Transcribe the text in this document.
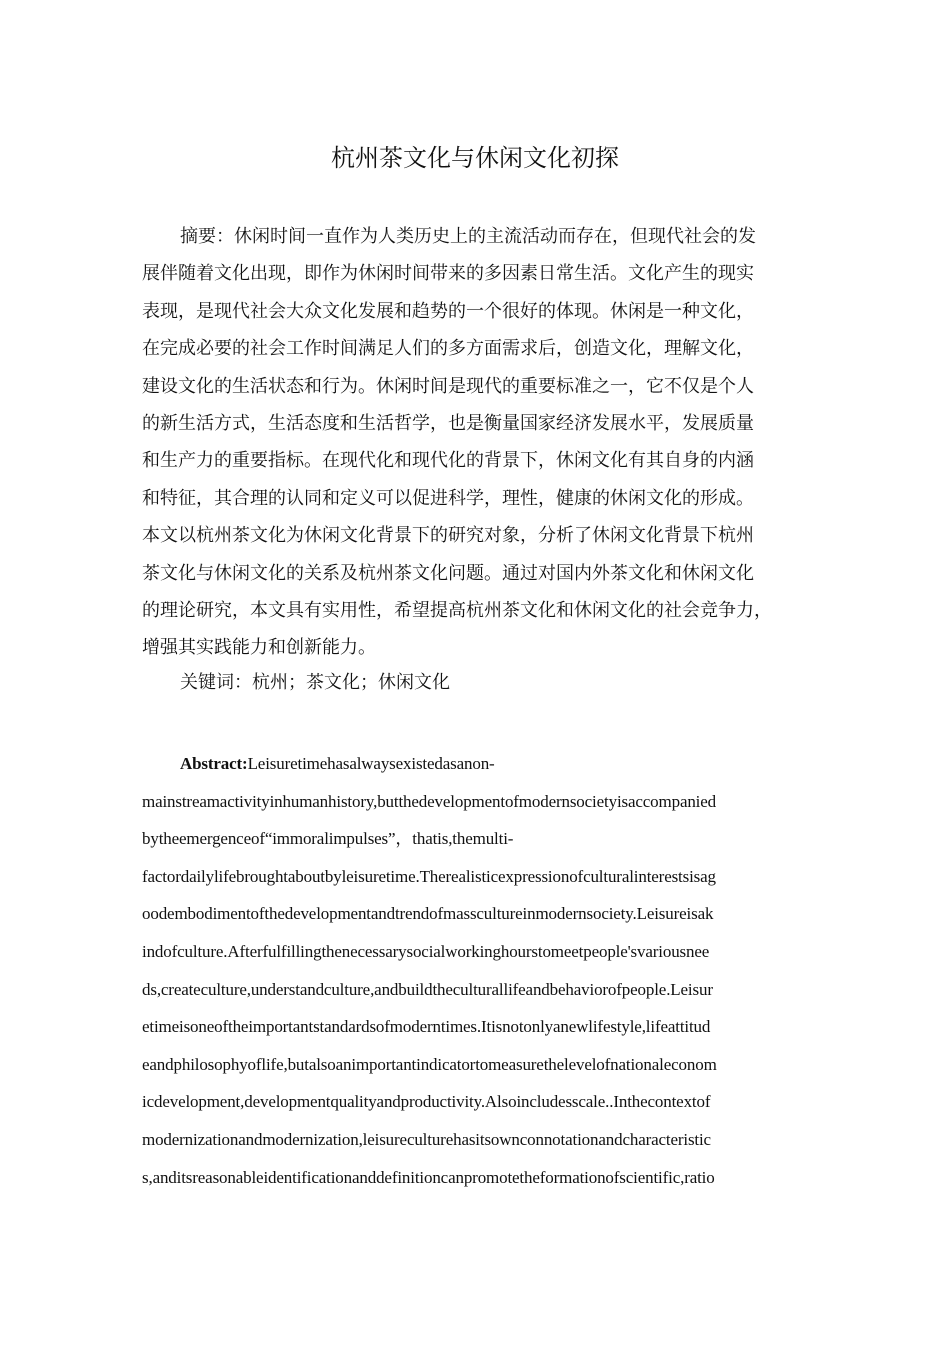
杭州茶文化与休闲文化初探
摘要：休闲时间一直作为人类历史上的主流活动而存在，但现代社会的发
展伴随着文化出现，即作为休闲时间带来的多因素日常生活。文化产生的现实
表现，是现代社会大众文化发展和趋势的一个很好的体现。休闲是一种文化，
在完成必要的社会工作时间满足人们的多方面需求后，创造文化，理解文化，
建设文化的生活状态和行为。休闲时间是现代的重要标准之一，它不仅是个人
的新生活方式，生活态度和生活哲学，也是衡量国家经济发展水平，发展质量
和生产力的重要指标。在现代化和现代化的背景下，休闲文化有其自身的内涵
和特征，其合理的认同和定义可以促进科学，理性，健康的休闲文化的形成。
本文以杭州茶文化为休闲文化背景下的研究对象，分析了休闲文化背景下杭州
茶文化与休闲文化的关系及杭州茶文化问题。通过对国内外茶文化和休闲文化
的理论研究，本文具有实用性，希望提高杭州茶文化和休闲文化的社会竞争力，
增强其实践能力和创新能力。
关键词：杭州；茶文化；休闲文化
Abstract:Leisuretimehasalwaysexistedasanon-
mainstreamactivityinhumanhistory,butthedevelopmentofmodernsocietyisaccompanied
bytheemergenceof“immoralimpulses”，thatis,themulti-
factordailylifebroughtaboutbyleisuretime.Therealisticexpressionofculturalinterestsisag
oodembodimentofthedevelopmentandtrendofmassculturеinmodernsociety.Leisureisak
indofculture.Afterfulfillingthenecessarysocialworkinghourstomeetpeople'svariousnee
ds,createculture,understandculture,andbuildtheculturallifeandbehaviorofpeople.Leisur
etimeisoneoftheimportantstandardsofmoderntimes.Itisnotonlyanewlifestyle,lifeattitud
eandphilosophyoflife,butalsoanimportantindicatortomeasurethelevelofnationaleconom
icdevelopment,developmentqualityandproductivity.Alsoincludesscale..Inthecontextof
modernizationandmodernization,leisureculturehasitsownconnotationandcharacteristic
s,anditsreasonableidentificationanddefinitioncanpromotetheformationofscientific,ratio
